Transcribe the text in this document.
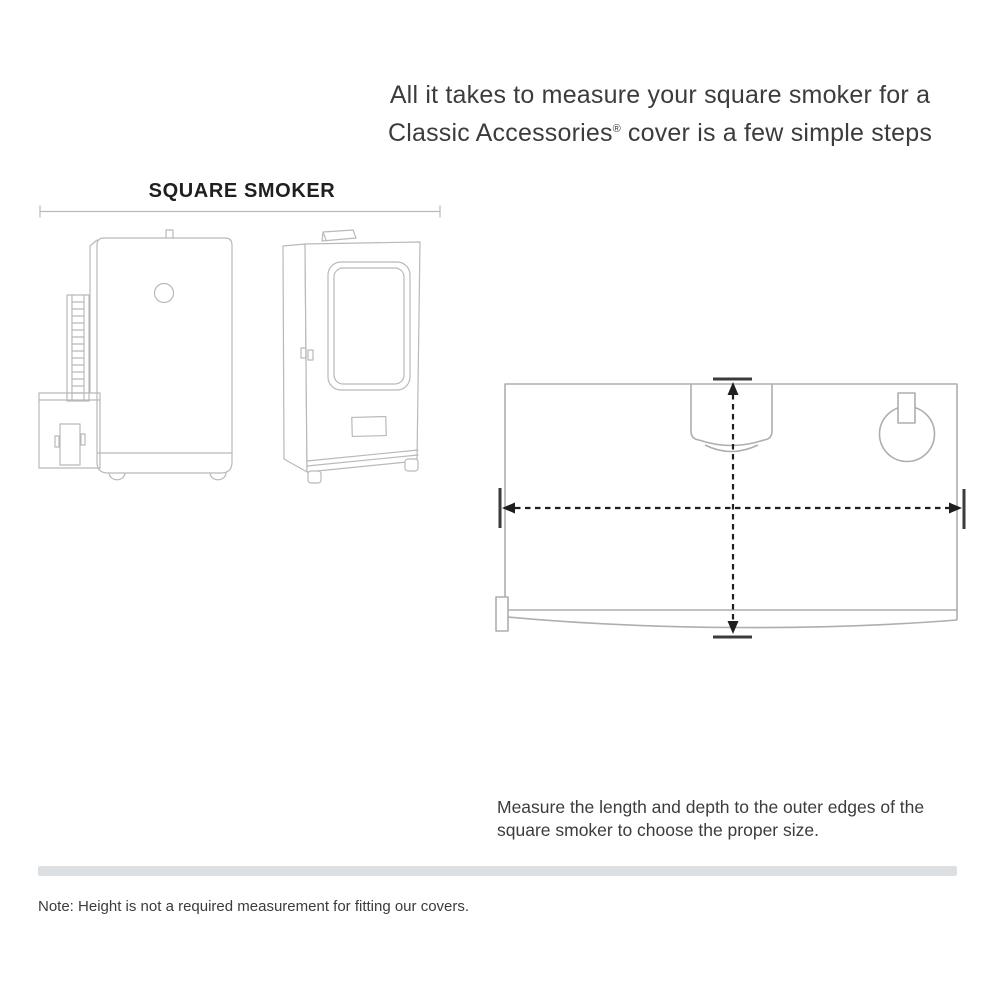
All it takes to measure your square smoker for a
Classic Accessories® cover is a few simple steps
SQUARE SMOKER
Measure the length and depth to the outer edges of the
square smoker to choose the proper size.
Note: Height is not a required measurement for fitting our covers.
